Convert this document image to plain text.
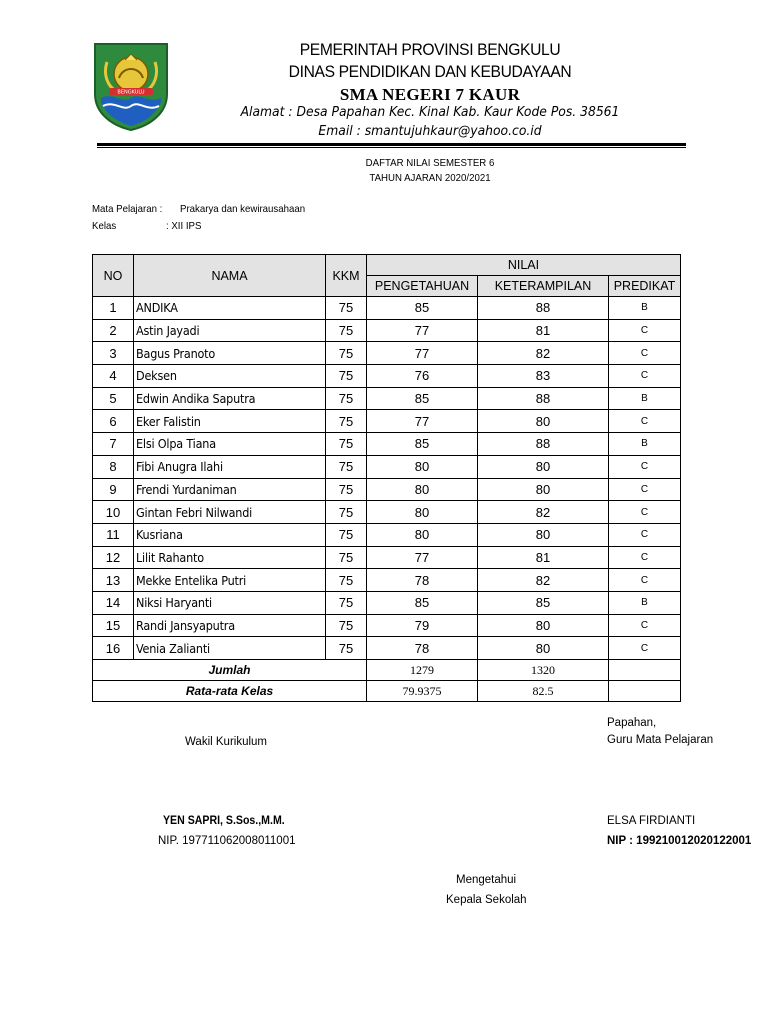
BENGKULU
PEMERINTAH PROVINSI BENGKULU
DINAS PENDIDIKAN DAN KEBUDAYAAN
SMA NEGERI 7 KAUR
Alamat : Desa Papahan Kec. Kinal Kab. Kaur Kode Pos. 38561
Email : smantujuhkaur@yahoo.co.id
DAFTAR NILAI SEMESTER 6
TAHUN AJARAN 2020/2021
Mata Pelajaran : Prakarya dan kewirausahaan
Kelas	: XII IPS
NO	NAMA	KKM	NILAI		
			PENGETAHUAN	KETERAMPILAN	PREDIKAT
1	ANDIKA	75	85	88	B
2	Astin Jayadi	75	77	81	C
3	Bagus Pranoto	75	77	82	C
4	Deksen	75	76	83	C
5	Edwin Andika Saputra	75	85	88	B
6	Eker Falistin	75	77	80	C
7	Elsi Olpa Tiana	75	85	88	B
8	Fibi Anugra Ilahi	75	80	80	C
9	Frendi Yurdaniman	75	80	80	C
10	Gintan Febri Nilwandi	75	80	82	C
11	Kusriana	75	80	80	C
12	Lilit Rahanto	75	77	81	C
13	Mekke Entelika Putri	75	78	82	C
14	Niksi Haryanti	75	85	85	B
15	Randi Jansyaputra	75	79	80	C
16	Venia Zalianti	75	78	80	C
Jumlah			1279	1320	
Rata-rata Kelas			79.9375	82.5	
Papahan,
Wakil Kurikulum	Guru Mata Pelajaran
YEN SAPRI, S.Sos.,M.M.	ELSA FIRDIANTI
NIP. 197711062008011001	NIP : 199210012020122001
Mengetahui
Kepala Sekolah
